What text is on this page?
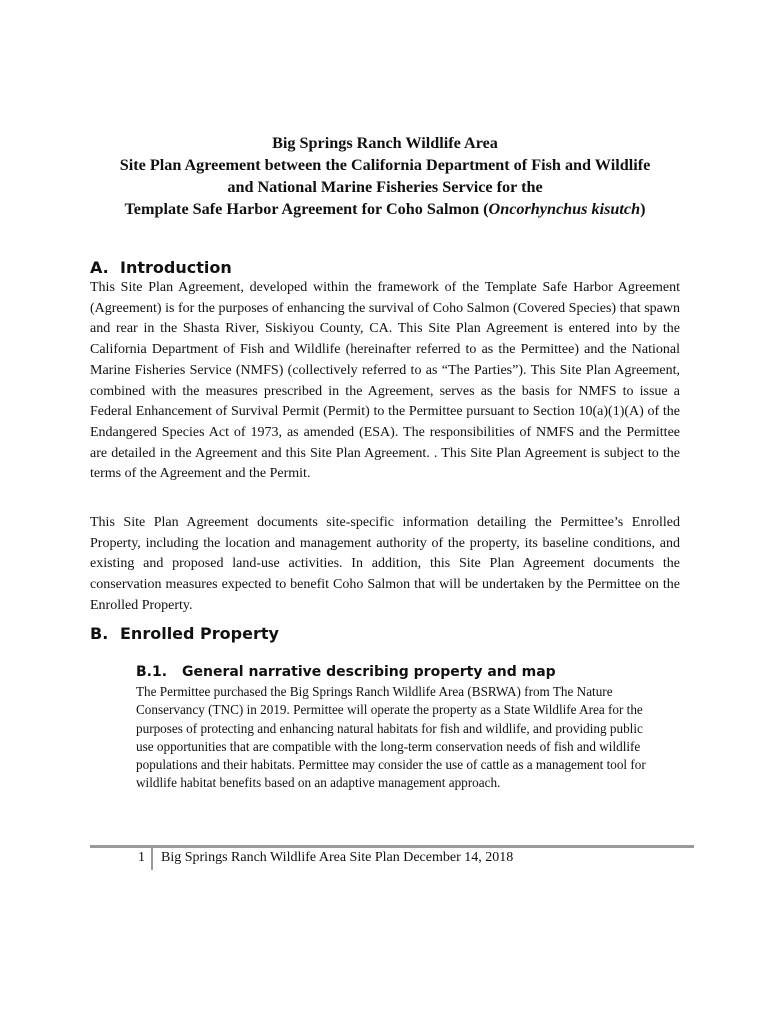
Big Springs Ranch Wildlife Area
Site Plan Agreement between the California Department of Fish and Wildlife
and National Marine Fisheries Service for the
Template Safe Harbor Agreement for Coho Salmon (Oncorhynchus kisutch)
A. Introduction
This Site Plan Agreement, developed within the framework of the Template Safe Harbor Agreement (Agreement) is for the purposes of enhancing the survival of Coho Salmon (Covered Species) that spawn and rear in the Shasta River, Siskiyou County, CA. This Site Plan Agreement is entered into by the California Department of Fish and Wildlife (hereinafter referred to as the Permittee) and the National Marine Fisheries Service (NMFS) (collectively referred to as “The Parties”). This Site Plan Agreement, combined with the measures prescribed in the Agreement, serves as the basis for NMFS to issue a Federal Enhancement of Survival Permit (Permit) to the Permittee pursuant to Section 10(a)(1)(A) of the Endangered Species Act of 1973, as amended (ESA). The responsibilities of NMFS and the Permittee are detailed in the Agreement and this Site Plan Agreement. . This Site Plan Agreement is subject to the terms of the Agreement and the Permit.
This Site Plan Agreement documents site-specific information detailing the Permittee’s Enrolled Property, including the location and management authority of the property, its baseline conditions, and existing and proposed land-use activities. In addition, this Site Plan Agreement documents the conservation measures expected to benefit Coho Salmon that will be undertaken by the Permittee on the Enrolled Property.
B. Enrolled Property
B.1. General narrative describing property and map
The Permittee purchased the Big Springs Ranch Wildlife Area (BSRWA) from The Nature Conservancy (TNC) in 2019. Permittee will operate the property as a State Wildlife Area for the purposes of protecting and enhancing natural habitats for fish and wildlife, and providing public use opportunities that are compatible with the long-term conservation needs of fish and wildlife populations and their habitats. Permittee may consider the use of cattle as a management tool for wildlife habitat benefits based on an adaptive management approach.
1 Big Springs Ranch Wildlife Area Site Plan December 14, 2018
